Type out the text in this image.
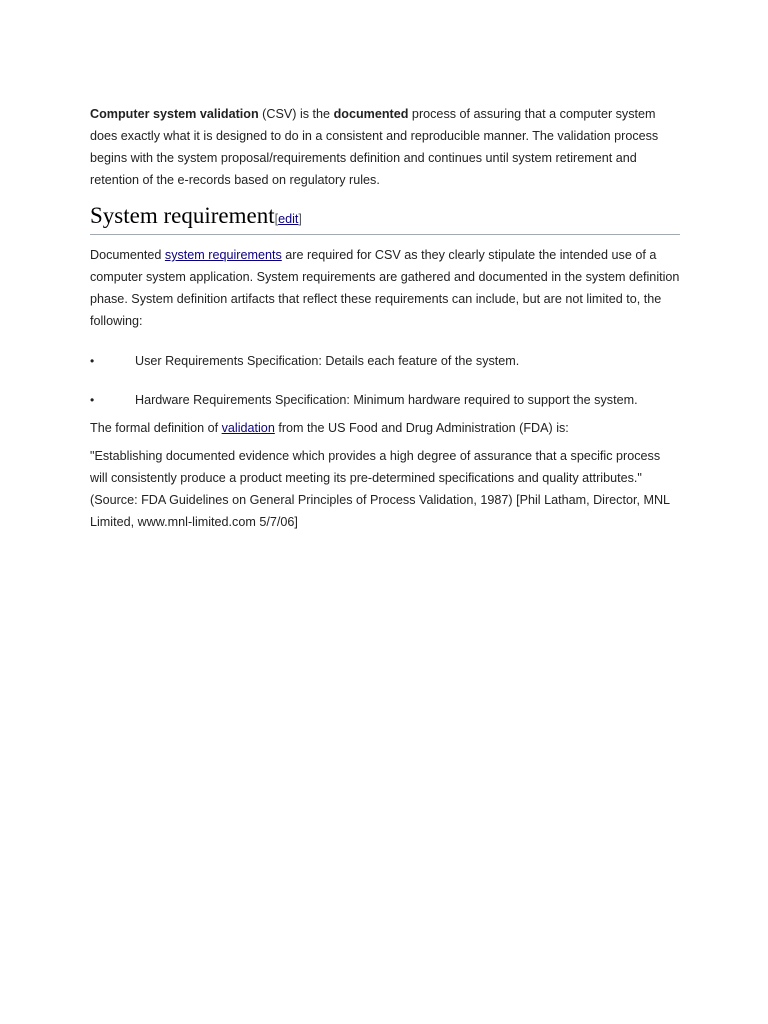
Computer system validation (CSV) is the documented process of assuring that a computer system does exactly what it is designed to do in a consistent and reproducible manner. The validation process begins with the system proposal/requirements definition and continues until system retirement and retention of the e-records based on regulatory rules.

System requirement[edit]

Documented system requirements are required for CSV as they clearly stipulate the intended use of a computer system application. System requirements are gathered and documented in the system definition phase. System definition artifacts that reflect these requirements can include, but are not limited to, the following:

•	User Requirements Specification: Details each feature of the system.
•	Hardware Requirements Specification: Minimum hardware required to support the system.

The formal definition of validation from the US Food and Drug Administration (FDA) is:

"Establishing documented evidence which provides a high degree of assurance that a specific process will consistently produce a product meeting its pre-determined specifications and quality attributes." (Source: FDA Guidelines on General Principles of Process Validation, 1987) [Phil Latham, Director, MNL Limited, www.mnl-limited.com 5/7/06]
